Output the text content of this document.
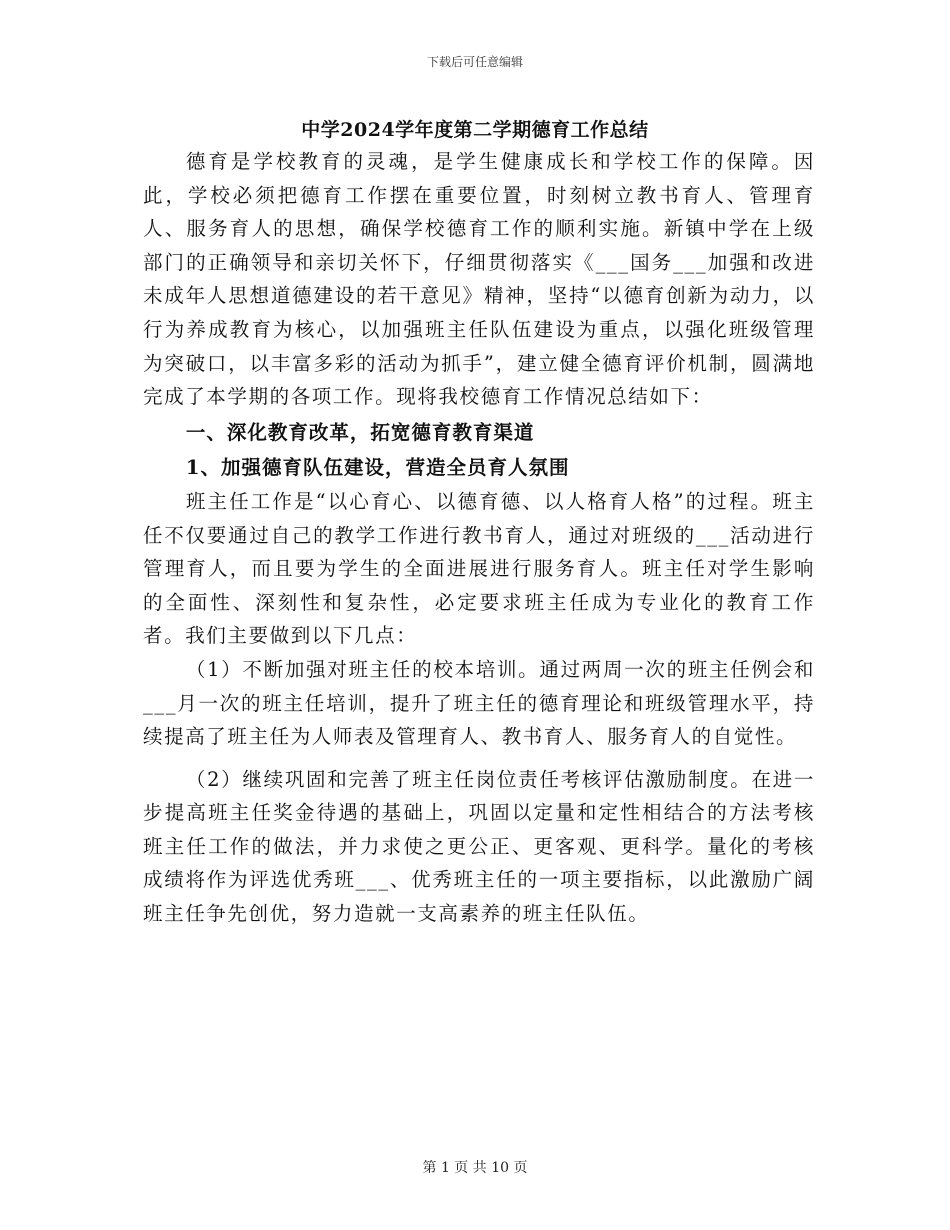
下载后可任意编辑
中学2024学年度第二学期德育工作总结

德育是学校教育的灵魂，是学生健康成长和学校工作的保障。因此，学校必须把德育工作摆在重要位置，时刻树立教书育人、管理育人、服务育人的思想，确保学校德育工作的顺利实施。新镇中学在上级部门的正确领导和亲切关怀下，仔细贯彻落实《___国务___加强和改进未成年人思想道德建设的若干意见》精神，坚持“以德育创新为动力，以行为养成教育为核心，以加强班主任队伍建设为重点，以强化班级管理为突破口，以丰富多彩的活动为抓手”，建立健全德育评价机制，圆满地完成了本学期的各项工作。现将我校德育工作情况总结如下：

一、深化教育改革，拓宽德育教育渠道

1、加强德育队伍建设，营造全员育人氛围

班主任工作是“以心育心、以德育德、以人格育人格”的过程。班主任不仅要通过自己的教学工作进行教书育人，通过对班级的___活动进行管理育人，而且要为学生的全面进展进行服务育人。班主任对学生影响的全面性、深刻性和复杂性，必定要求班主任成为专业化的教育工作者。我们主要做到以下几点：

（1）不断加强对班主任的校本培训。通过两周一次的班主任例会和___月一次的班主任培训，提升了班主任的德育理论和班级管理水平，持续提高了班主任为人师表及管理育人、教书育人、服务育人的自觉性。

（2）继续巩固和完善了班主任岗位责任考核评估激励制度。在进一步提高班主任奖金待遇的基础上，巩固以定量和定性相结合的方法考核班主任工作的做法，并力求使之更公正、更客观、更科学。量化的考核成绩将作为评选优秀班___、优秀班主任的一项主要指标，以此激励广阔班主任争先创优，努力造就一支高素养的班主任队伍。

第 1 页 共 10 页
